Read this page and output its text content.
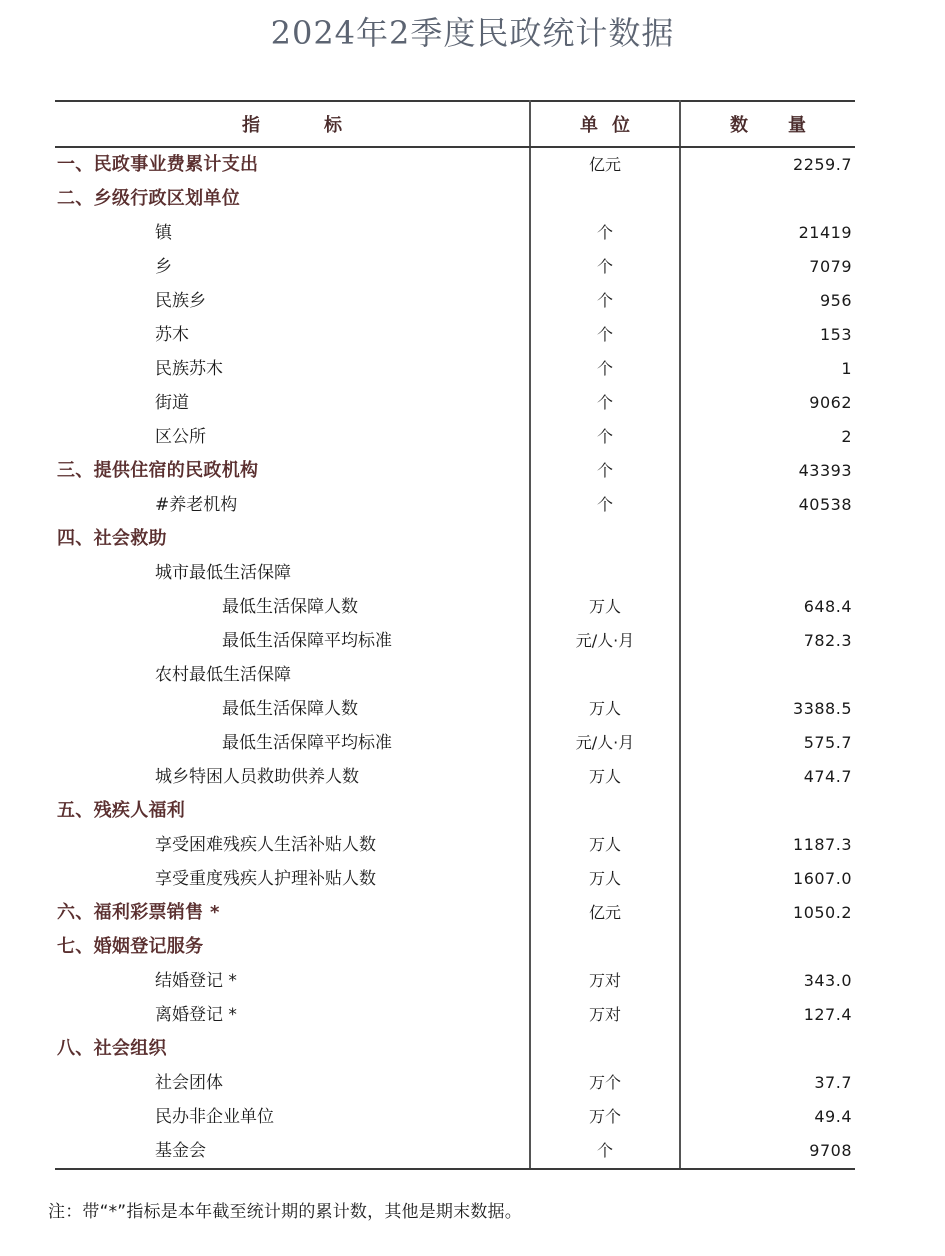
2024年2季度民政统计数据
指 标	单 位	数 量
一、民政事业费累计支出	亿元	2259.7
二、乡级行政区划单位		
镇	个	21419
乡	个	7079
民族乡	个	956
苏木	个	153
民族苏木	个	1
街道	个	9062
区公所	个	2
三、提供住宿的民政机构	个	43393
#养老机构	个	40538
四、社会救助		
城市最低生活保障		
最低生活保障人数	万人	648.4
最低生活保障平均标准	元/人·月	782.3
农村最低生活保障		
最低生活保障人数	万人	3388.5
最低生活保障平均标准	元/人·月	575.7
城乡特困人员救助供养人数	万人	474.7
五、残疾人福利		
享受困难残疾人生活补贴人数	万人	1187.3
享受重度残疾人护理补贴人数	万人	1607.0
六、福利彩票销售 *	亿元	1050.2
七、婚姻登记服务		
结婚登记 *	万对	343.0
离婚登记 *	万对	127.4
八、社会组织		
社会团体	万个	37.7
民办非企业单位	万个	49.4
基金会	个	9708
注：带“*”指标是本年截至统计期的累计数，其他是期末数据。
